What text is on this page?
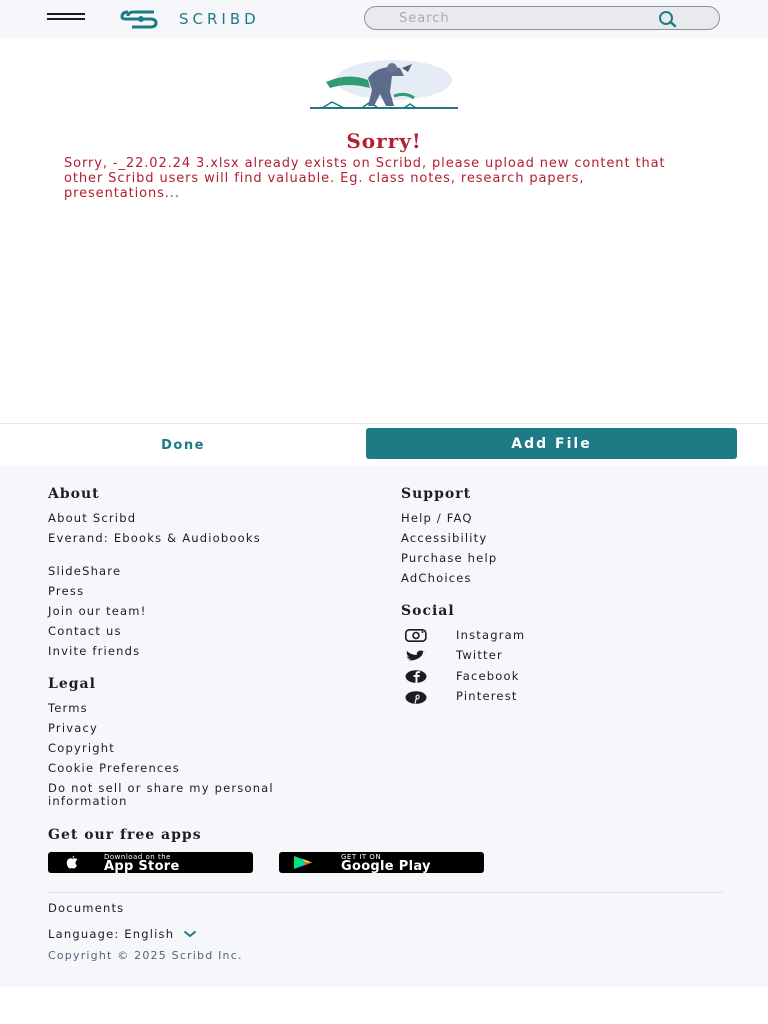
SCRIBD	Search
Sorry!
Sorry, -_22.02.24 3.xlsx already exists on Scribd, please upload new content that other Scribd users will find valuable. Eg. class notes, research papers, presentations...
Done	Add File
About
About Scribd
Everand: Ebooks & Audiobooks
SlideShare
Press
Join our team!
Contact us
Invite friends
Legal
Terms
Privacy
Copyright
Cookie Preferences
Do not sell or share my personal information
Support
Help / FAQ
Accessibility
Purchase help
AdChoices
Social
Instagram
Twitter
Facebook
Pinterest
Get our free apps
Download on the
App Store
GET IT ON
Google Play
Documents
Language: English
Copyright © 2025 Scribd Inc.
